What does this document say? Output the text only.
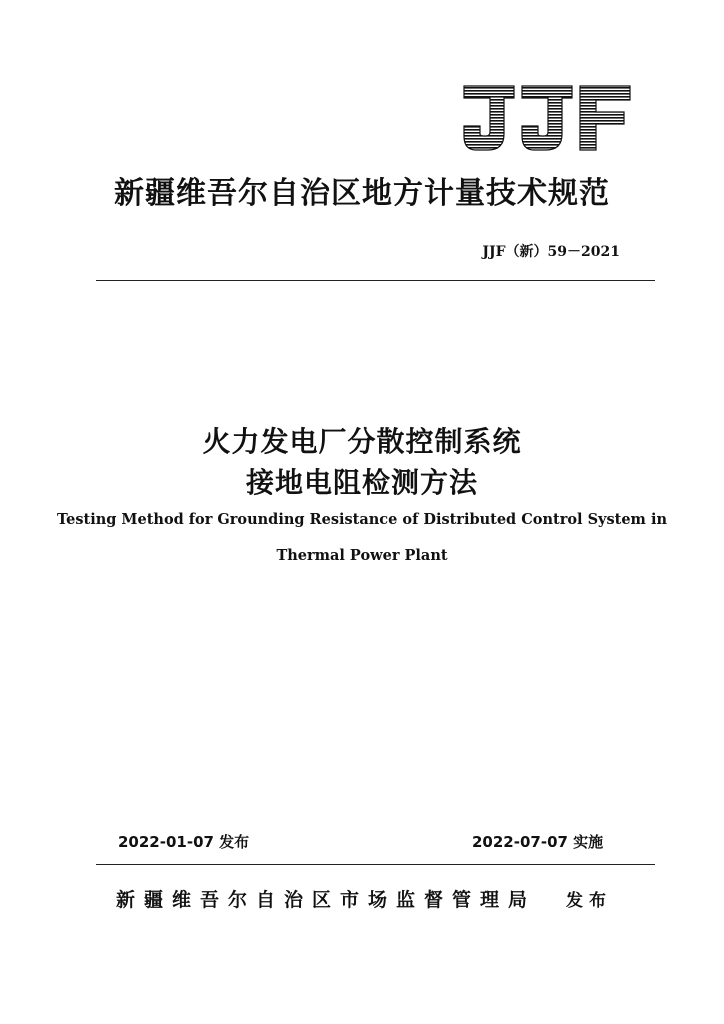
新疆维吾尔自治区地方计量技术规范
JJF（新）59－2021
火力发电厂分散控制系统
接地电阻检测方法
Testing Method for Grounding Resistance of Distributed Control System in
Thermal Power Plant
2022-01-07 发布	2022-07-07 实施
新疆维吾尔自治区市场监督管理局 发布
